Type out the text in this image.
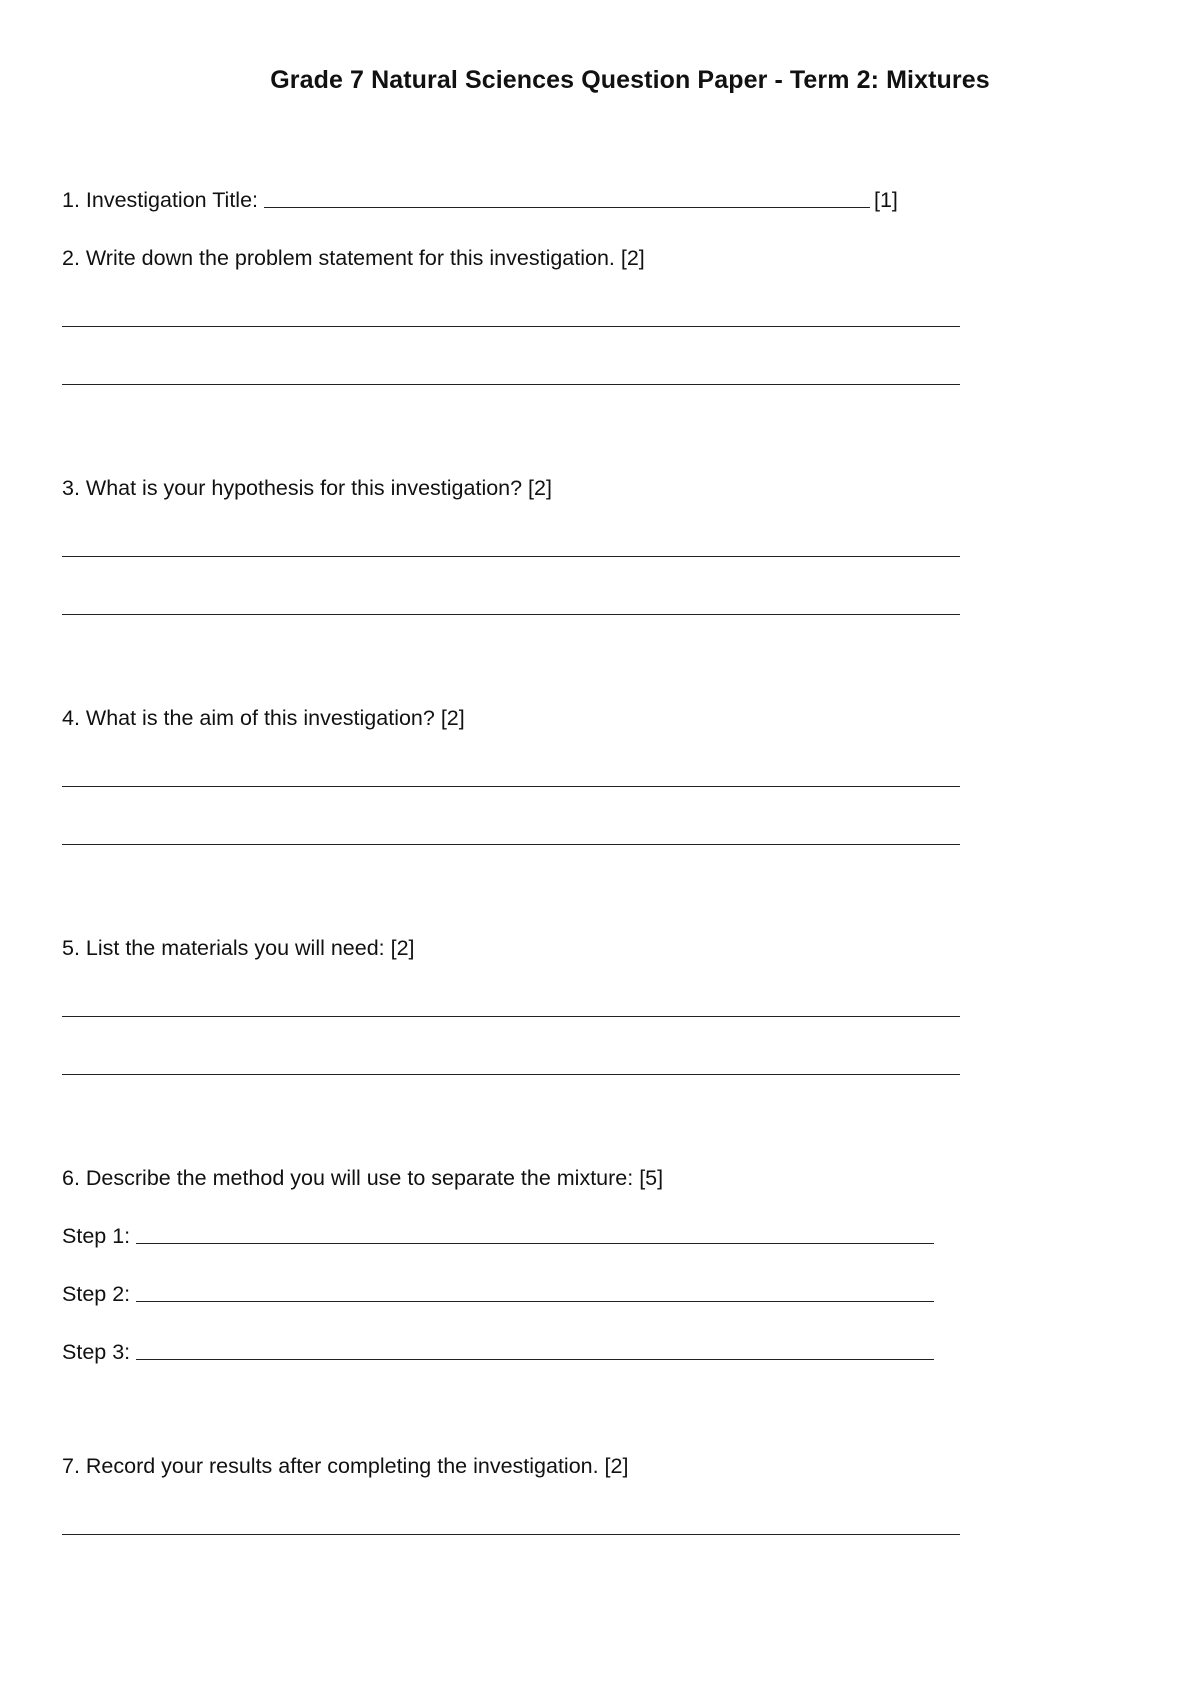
Grade 7 Natural Sciences Question Paper - Term 2: Mixtures
1. Investigation Title:	[1]
2. Write down the problem statement for this investigation. [2]
3. What is your hypothesis for this investigation? [2]
4. What is the aim of this investigation? [2]
5. List the materials you will need: [2]
6. Describe the method you will use to separate the mixture: [5]
Step 1:
Step 2:
Step 3:
7. Record your results after completing the investigation. [2]
